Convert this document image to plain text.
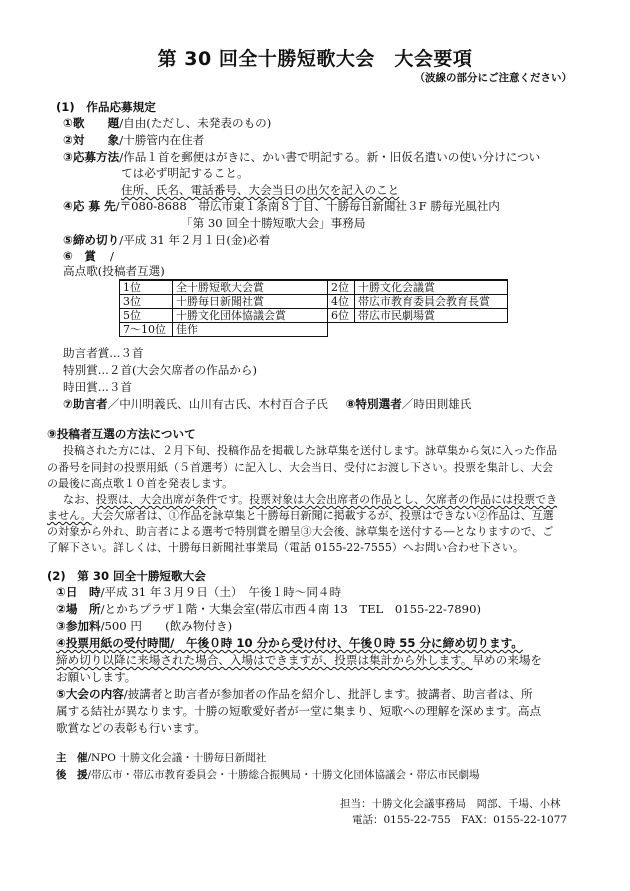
第 30 回全十勝短歌大会　大会要項
（波線の部分にご注意ください）
(1)　作品応募規定
①歌　　題/自由(ただし、未発表のもの)
②対　　象/十勝管内在住者
③応募方法/作品１首を郵便はがきに、かい書で明記する。新・旧仮名遣いの使い分けについ
ては必ず明記すること。
住所、氏名、電話番号、大会当日の出欠を記入のこと
④応 募 先/〒080-8688　帯広市東１条南８丁目、十勝毎日新聞社３F 勝毎光風社内
「第 30 回全十勝短歌大会」事務局
⑤締め切り/平成 31 年２月１日(金)必着
⑥　賞 /
高点歌(投稿者互選)
1位	全十勝短歌大会賞	2位	十勝文化会議賞
3位	十勝毎日新聞社賞	4位	帯広市教育委員会教育長賞
5位	十勝文化団体協議会賞	6位	帯広市民劇場賞
7～10位	佳作		
助言者賞...３首
特別賞...２首(大会欠席者の作品から)
時田賞...３首
⑦助言者／中川明義氏、山川有古氏、木村百合子氏 ⑧特別選者／時田則雄氏
⑨投稿者互選の方法について
投稿された方には、２月下旬、投稿作品を掲載した詠草集を送付します。詠草集から気に入った作品
の番号を同封の投票用紙（５首選考）に記入し、大会当日、受付にお渡し下さい。投票を集計し、大会
の最後に高点歌１０首を発表します。
なお、投票は、大会出席が条件です。投票対象は大会出席者の作品とし、欠席者の作品には投票でき
ません。大会欠席者は、①作品を詠草集と十勝毎日新聞に掲載するが、投票はできない②作品は、互選
の対象から外れ、助言者による選考で特別賞を贈呈③大会後、詠草集を送付する―となりますので、ご
了解下さい。詳しくは、十勝毎日新聞社事業局（電話 0155-22-7555）へお問い合わせ下さい。
(2)　第 30 回全十勝短歌大会
①日　時/平成 31 年３月９日（土）　午後１時～同４時
②場　所/とかちプラザ１階・大集会室(帯広市西４南 13　TEL　0155-22-7890)
③参加料/500 円　　(飲み物付き)
④投票用紙の受付時間/　午後０時 10 分から受け付け、午後０時 55 分に締め切ります。
締め切り以降に来場された場合、入場はできますが、投票は集計から外します。早めの来場を
お願いします。
⑤大会の内容/披講者と助言者が参加者の作品を紹介し、批評します。披講者、助言者は、所
属する結社が異なります。十勝の短歌愛好者が一堂に集まり、短歌への理解を深めます。高点
歌賞などの表彰も行います。
主　催/NPO 十勝文化会議・十勝毎日新聞社
後　援/帯広市・帯広市教育委員会・十勝総合振興局・十勝文化団体協議会・帯広市民劇場
担当：十勝文化会議事務局　岡部、千場、小林
電話：0155-22-755　FAX：0155-22-1077
